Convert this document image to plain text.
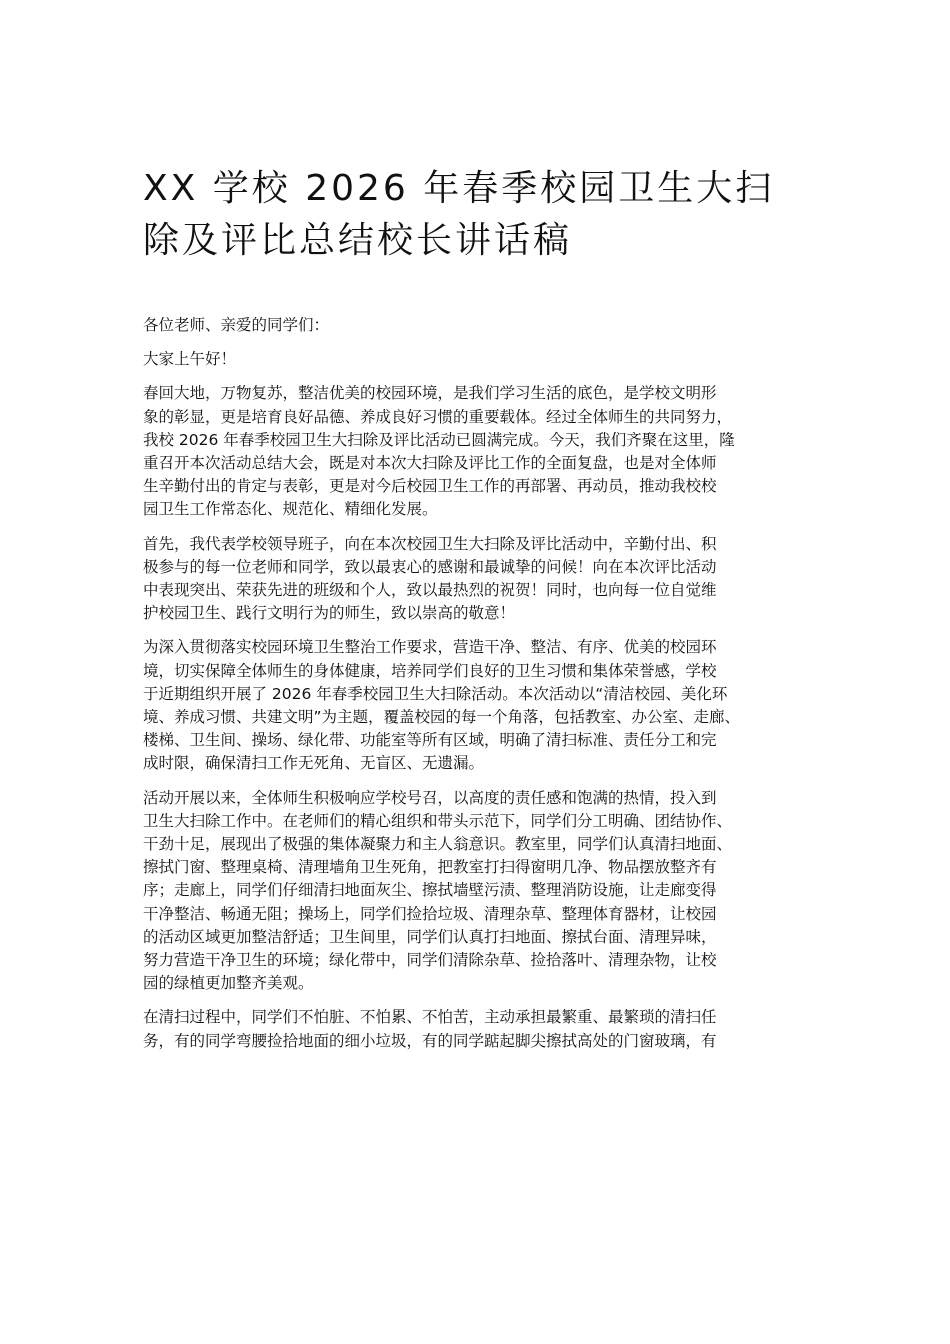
XX 学校 2026 年春季校园卫生大扫
除及评比总结校长讲话稿

各位老师、亲爱的同学们：

大家上午好！

春回大地，万物复苏，整洁优美的校园环境，是我们学习生活的底色，是学校文明形
象的彰显，更是培育良好品德、养成良好习惯的重要载体。经过全体师生的共同努力，
我校 2026 年春季校园卫生大扫除及评比活动已圆满完成。今天，我们齐聚在这里，隆
重召开本次活动总结大会，既是对本次大扫除及评比工作的全面复盘，也是对全体师
生辛勤付出的肯定与表彰，更是对今后校园卫生工作的再部署、再动员，推动我校校
园卫生工作常态化、规范化、精细化发展。

首先，我代表学校领导班子，向在本次校园卫生大扫除及评比活动中，辛勤付出、积
极参与的每一位老师和同学，致以最衷心的感谢和最诚挚的问候！向在本次评比活动
中表现突出、荣获先进的班级和个人，致以最热烈的祝贺！同时，也向每一位自觉维
护校园卫生、践行文明行为的师生，致以崇高的敬意！

为深入贯彻落实校园环境卫生整治工作要求，营造干净、整洁、有序、优美的校园环
境，切实保障全体师生的身体健康，培养同学们良好的卫生习惯和集体荣誉感，学校
于近期组织开展了 2026 年春季校园卫生大扫除活动。本次活动以“清洁校园、美化环
境、养成习惯、共建文明”为主题，覆盖校园的每一个角落，包括教室、办公室、走廊、
楼梯、卫生间、操场、绿化带、功能室等所有区域，明确了清扫标准、责任分工和完
成时限，确保清扫工作无死角、无盲区、无遗漏。

活动开展以来，全体师生积极响应学校号召，以高度的责任感和饱满的热情，投入到
卫生大扫除工作中。在老师们的精心组织和带头示范下，同学们分工明确、团结协作、
干劲十足，展现出了极强的集体凝聚力和主人翁意识。教室里，同学们认真清扫地面、
擦拭门窗、整理桌椅、清理墙角卫生死角，把教室打扫得窗明几净、物品摆放整齐有
序；走廊上，同学们仔细清扫地面灰尘、擦拭墙壁污渍、整理消防设施，让走廊变得
干净整洁、畅通无阻；操场上，同学们捡拾垃圾、清理杂草、整理体育器材，让校园
的活动区域更加整洁舒适；卫生间里，同学们认真打扫地面、擦拭台面、清理异味，
努力营造干净卫生的环境；绿化带中，同学们清除杂草、捡拾落叶、清理杂物，让校
园的绿植更加整齐美观。

在清扫过程中，同学们不怕脏、不怕累、不怕苦，主动承担最繁重、最繁琐的清扫任
务，有的同学弯腰捡拾地面的细小垃圾，有的同学踮起脚尖擦拭高处的门窗玻璃，有
